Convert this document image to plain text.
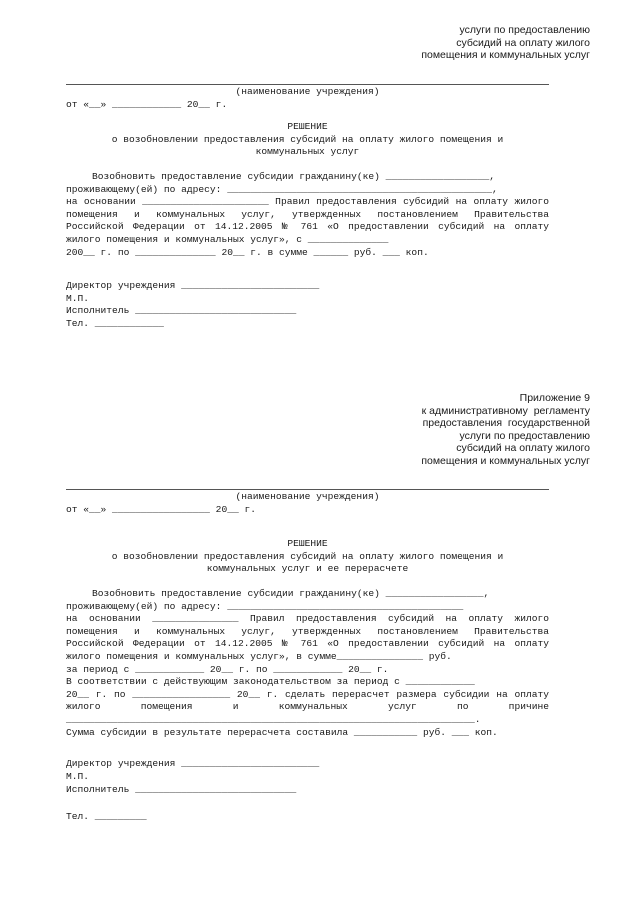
услуги по предоставлению
субсидий на оплату жилого
помещения и коммунальных услуг
(наименование учреждения)
от «__» ____________ 20__ г.
РЕШЕНИЕ
о возобновлении предоставления субсидий на оплату жилого помещения и
коммунальных услуг
Возобновить предоставление субсидии гражданину(ке) __________________,
проживающему(ей) по адресу: ______________________________________________,
на основании ______________________ Правил предоставления субсидий на оплату жилого помещения и коммунальных услуг, утвержденных постановлением Правительства Российской Федерации от 14.12.2005 № 761 «О предоставлении субсидий на оплату жилого помещения и коммунальных услуг», с ______________
200__ г. по ______________ 20__ г. в сумме ______ руб. ___ коп.
Директор учреждения ________________________
М.П.
Исполнитель ____________________________
Тел. ____________
Приложение 9
к административному  регламенту
предоставления  государственной
услуги по предоставлению
субсидий на оплату жилого
помещения и коммунальных услуг
(наименование учреждения)
от «__» _________________ 20__ г.
РЕШЕНИЕ
о возобновлении предоставления субсидий на оплату жилого помещения и
коммунальных услуг и ее перерасчете
Возобновить предоставление субсидии гражданину(ке) _________________,
проживающему(ей) по адресу: _________________________________________
на основании _______________ Правил предоставления субсидий на оплату жилого помещения и коммунальных услуг, утвержденных постановлением Правительства Российской Федерации от 14.12.2005 № 761 «О предоставлении субсидий на оплату жилого помещения и коммунальных услуг», в сумме_______________ руб.
за период с ____________ 20__ г. по ____________ 20__ г.
В соответствии с действующим законодательством за период с ____________
20__ г. по _________________ 20__ г. сделать перерасчет размера субсидии на оплату жилого помещения и коммунальных услуг по причине _______________________________________________________________________.
Сумма субсидии в результате перерасчета составила ___________ руб. ___ коп.
Директор учреждения ________________________
М.П.
Исполнитель ____________________________
Тел. _________
